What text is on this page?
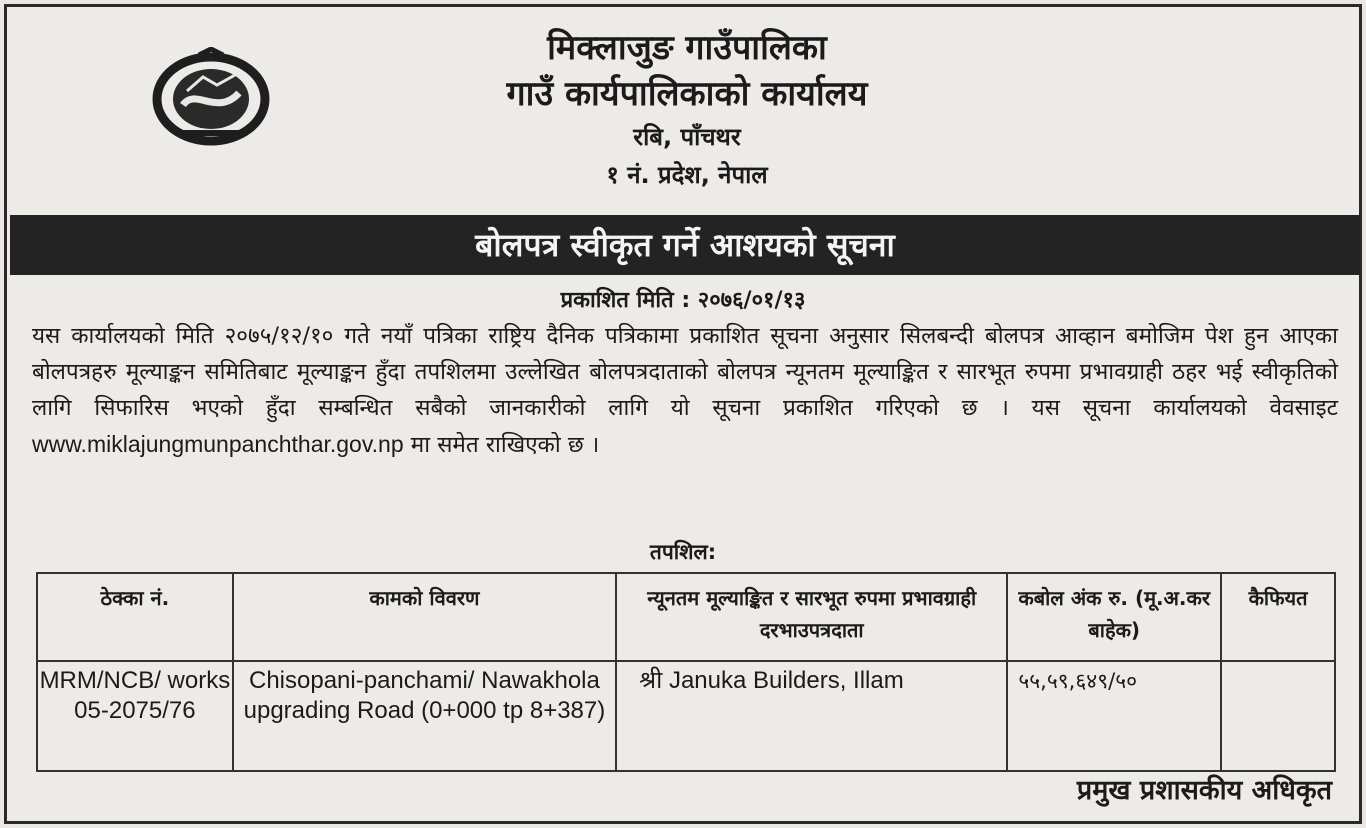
मिक्लाजुङ गाउँपालिका
गाउँ कार्यपालिकाको कार्यालय
रबि, पाँचथर
१ नं. प्रदेश, नेपाल
बोलपत्र स्वीकृत गर्ने आशयको सूचना
प्रकाशित मिति : २०७६/०१/१३
यस कार्यालयको मिति २०७५/१२/१० गते नयाँ पत्रिका राष्ट्रिय दैनिक पत्रिकामा प्रकाशित सूचना अनुसार सिलबन्दी बोलपत्र आव्हान बमोजिम पेश हुन आएका बोलपत्रहरु मूल्याङ्कन समितिबाट मूल्याङ्कन हुँदा तपशिलमा उल्लेखित बोलपत्रदाताको बोलपत्र न्यूनतम मूल्याङ्कित र सारभूत रुपमा प्रभावग्राही ठहर भई स्वीकृतिको लागि सिफारिस भएको हुँदा सम्बन्धित सबैको जानकारीको लागि यो सूचना प्रकाशित गरिएको छ । यस सूचना कार्यालयको वेवसाइट www.miklajungmunpanchthar.gov.np मा समेत राखिएको छ ।
तपशिल:
ठेक्का नं.	कामको विवरण	न्यूनतम मूल्याङ्कित र सारभूत रुपमा प्रभावग्राही दरभाउपत्रदाता	कबोल अंक रु. (मू.अ.कर बाहेक)	कैफियत
MRM/NCB/ works 05-2075/76	Chisopani-panchami/ Nawakhola upgrading Road (0+000 tp 8+387)	श्री Januka Builders, Illam	५५,५९,६४९/५०	
प्रमुख प्रशासकीय अधिकृत
